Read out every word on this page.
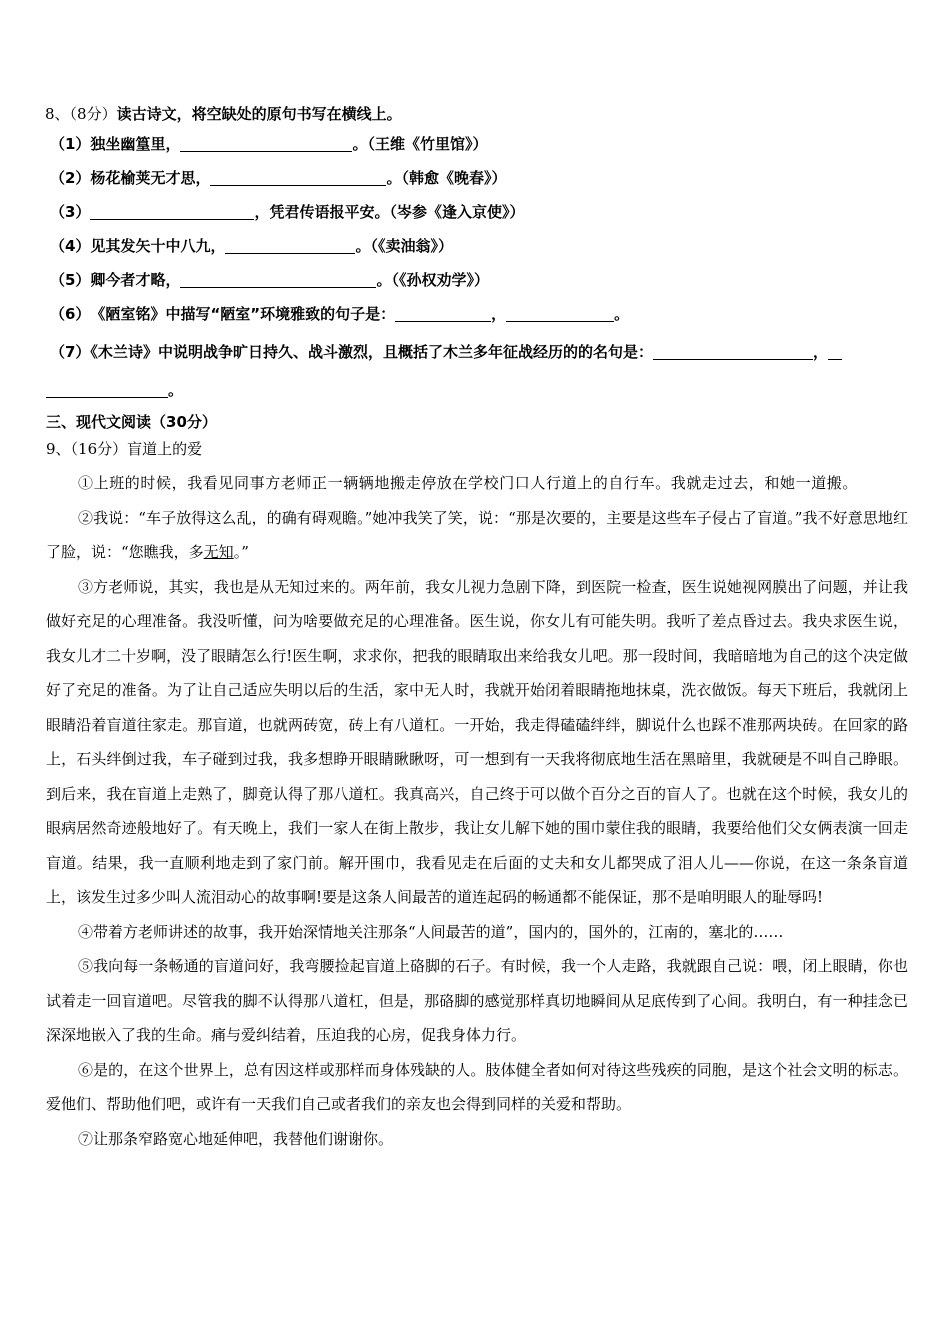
8、（8分）读古诗文，将空缺处的原句书写在横线上。
（1）独坐幽篁里，	。（王维《竹里馆》）
（2）杨花榆荚无才思，	。（韩愈《晚春》）
（3）	，凭君传语报平安。（岑参《逢入京使》）
（4）见其发矢十中八九，	。（《卖油翁》）
（5）卿今者才略，	。（《孙权劝学》）
（6）　《陋室铭》中描写“陋室”环境雅致的句子是：	，	。
（7）《木兰诗》中说明战争旷日持久、战斗激烈，且概括了木兰多年征战经历的的名句是：	，
。
三、现代文阅读（30分）
9、（16分）盲道上的爱

①上班的时候，我看见同事方老师正一辆辆地搬走停放在学校门口人行道上的自行车。我就走过去，和她一道搬。

②我说：“车子放得这么乱，的确有碍观瞻。”她冲我笑了笑，说：“那是次要的，主要是这些车子侵占了盲道。”我不好意思地红了脸，说：“您瞧我，多无知。”

③方老师说，其实，我也是从无知过来的。两年前，我女儿视力急剧下降，到医院一检查，医生说她视网膜出了问题，并让我做好充足的心理准备。我没听懂，问为啥要做充足的心理准备。医生说，你女儿有可能失明。我听了差点昏过去。我央求医生说，我女儿才二十岁啊，没了眼睛怎么行!医生啊，求求你，把我的眼睛取出来给我女儿吧。那一段时间，我暗暗地为自己的这个决定做好了充足的准备。为了让自己适应失明以后的生活，家中无人时，我就开始闭着眼睛拖地抹桌，洗衣做饭。每天下班后，我就闭上眼睛沿着盲道往家走。那盲道，也就两砖宽，砖上有八道杠。一开始，我走得磕磕绊绊，脚说什么也踩不准那两块砖。在回家的路上，石头绊倒过我，车子碰到过我，我多想睁开眼睛瞅瞅呀，可一想到有一天我将彻底地生活在黑暗里，我就硬是不叫自己睁眼。到后来，我在盲道上走熟了，脚竟认得了那八道杠。我真高兴，自己终于可以做个百分之百的盲人了。也就在这个时候，我女儿的眼病居然奇迹般地好了。有天晚上，我们一家人在街上散步，我让女儿解下她的围巾蒙住我的眼睛，我要给他们父女俩表演一回走盲道。结果，我一直顺利地走到了家门前。解开围巾，我看见走在后面的丈夫和女儿都哭成了泪人儿——你说，在这一条条盲道上，该发生过多少叫人流泪动心的故事啊!要是这条人间最苦的道连起码的畅通都不能保证，那不是咱明眼人的耻辱吗!

④带着方老师讲述的故事，我开始深情地关注那条“人间最苦的道”，国内的，国外的，江南的，塞北的……

⑤我向每一条畅通的盲道问好，我弯腰捡起盲道上硌脚的石子。有时候，我一个人走路，我就跟自己说：喂，闭上眼睛，你也试着走一回盲道吧。尽管我的脚不认得那八道杠，但是，那硌脚的感觉那样真切地瞬间从足底传到了心间。我明白，有一种挂念已深深地嵌入了我的生命。痛与爱纠结着，压迫我的心房，促我身体力行。

⑥是的，在这个世界上，总有因这样或那样而身体残缺的人。肢体健全者如何对待这些残疾的同胞，是这个社会文明的标志。爱他们、帮助他们吧，或许有一天我们自己或者我们的亲友也会得到同样的关爱和帮助。

⑦让那条窄路宽心地延伸吧，我替他们谢谢你。
